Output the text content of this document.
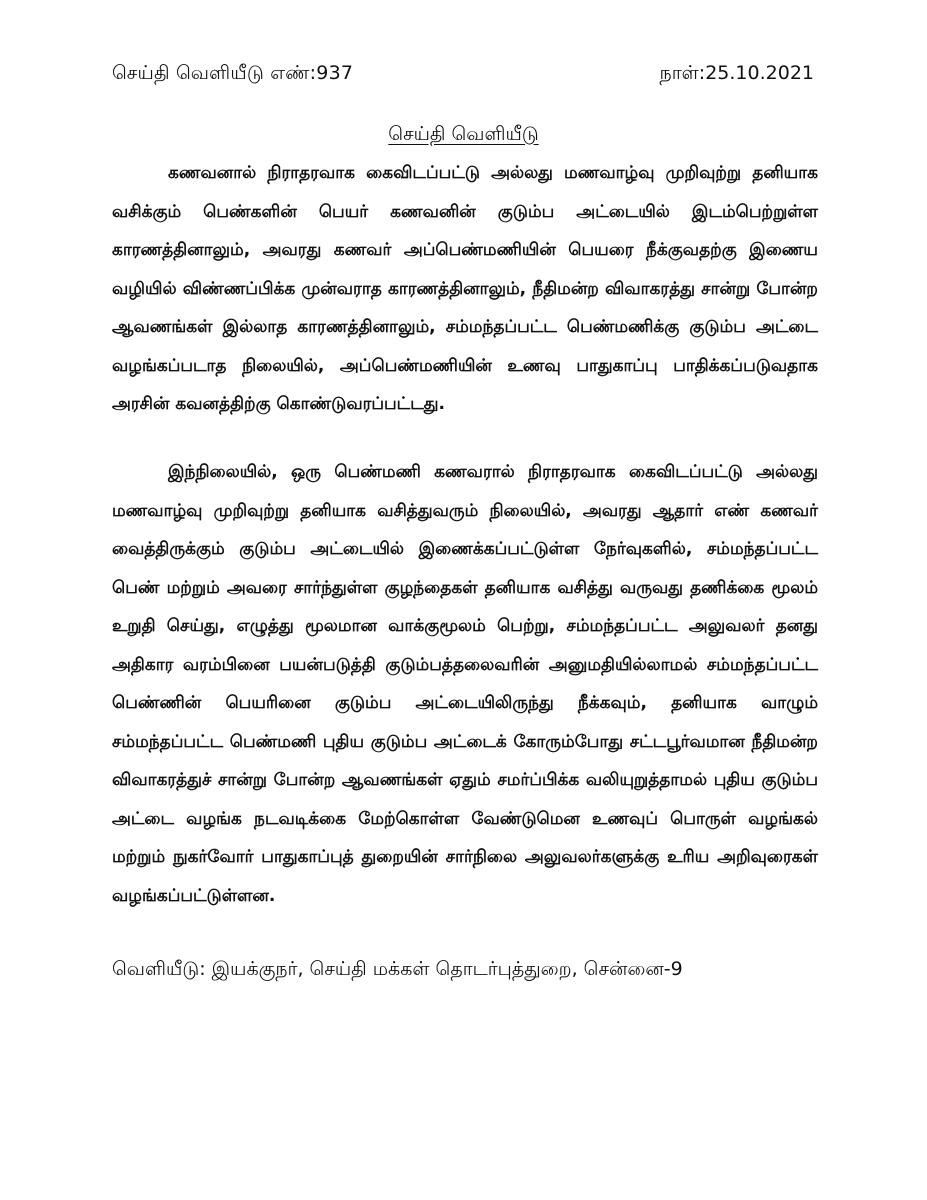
செய்தி வெளியீடு எண்:937	நாள்:25.10.2021
செய்தி வெளியீடு

கணவனால் நிராதரவாக கைவிடப்பட்டு அல்லது மணவாழ்வு முறிவுற்று தனியாக வசிக்கும் பெண்களின் பெயர் கணவனின் குடும்ப அட்டையில் இடம்பெற்றுள்ள காரணத்தினாலும், அவரது கணவர் அப்பெண்மணியின் பெயரை நீக்குவதற்கு இணைய வழியில் விண்ணப்பிக்க முன்வராத காரணத்தினாலும், நீதிமன்ற விவாகரத்து சான்று போன்ற ஆவணங்கள் இல்லாத காரணத்தினாலும், சம்மந்தப்பட்ட பெண்மணிக்கு குடும்ப அட்டை வழங்கப்படாத நிலையில், அப்பெண்மணியின் உணவு பாதுகாப்பு பாதிக்கப்படுவதாக அரசின் கவனத்திற்கு கொண்டுவரப்பட்டது.

இந்நிலையில், ஒரு பெண்மணி கணவரால் நிராதரவாக கைவிடப்பட்டு அல்லது மணவாழ்வு முறிவுற்று தனியாக வசித்துவரும் நிலையில், அவரது ஆதார் எண் கணவர் வைத்திருக்கும் குடும்ப அட்டையில் இணைக்கப்பட்டுள்ள நேர்வுகளில், சம்மந்தப்பட்ட பெண் மற்றும் அவரை சார்ந்துள்ள குழந்தைகள் தனியாக வசித்து வருவது தணிக்கை மூலம் உறுதி செய்து, எழுத்து மூலமான வாக்குமூலம் பெற்று, சம்மந்தப்பட்ட அலுவலர் தனது அதிகார வரம்பினை பயன்படுத்தி குடும்பத்தலைவரின் அனுமதியில்லாமல் சம்மந்தப்பட்ட பெண்ணின் பெயரினை குடும்ப அட்டையிலிருந்து நீக்கவும், தனியாக வாழும் சம்மந்தப்பட்ட பெண்மணி புதிய குடும்ப அட்டைக் கோரும்போது சட்டபூர்வமான நீதிமன்ற விவாகரத்துச் சான்று போன்ற ஆவணங்கள் ஏதும் சமர்ப்பிக்க வலியுறுத்தாமல் புதிய குடும்ப அட்டை வழங்க நடவடிக்கை மேற்கொள்ள வேண்டுமென உணவுப் பொருள் வழங்கல் மற்றும் நுகர்வோர் பாதுகாப்புத் துறையின் சார்நிலை அலுவலர்களுக்கு உரிய அறிவுரைகள் வழங்கப்பட்டுள்ளன.

வெளியீடு: இயக்குநர், செய்தி மக்கள் தொடர்புத்துறை, சென்னை-9
